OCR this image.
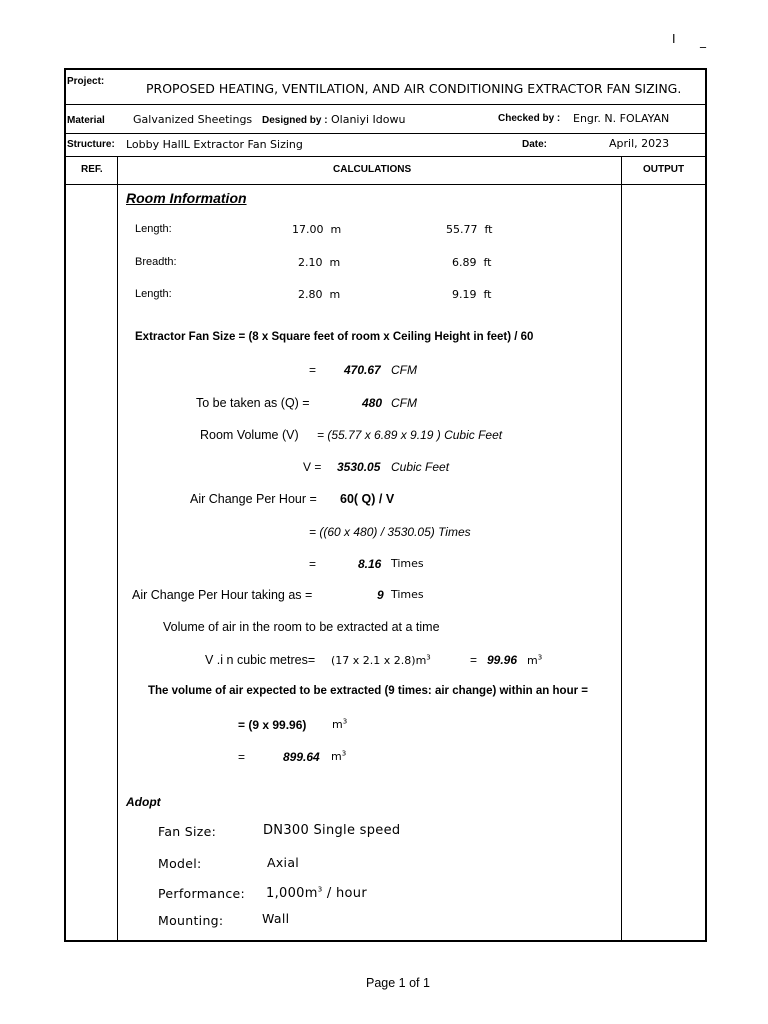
I _
Project:	PROPOSED HEATING, VENTILATION, AND AIR CONDITIONING EXTRACTOR FAN SIZING.
Material	Galvanized Sheetings Designed by : Olaniyi Idowu	Checked by : Engr. N. FOLAYAN
Structure: Lobby HallL Extractor Fan Sizing	Date:	April, 2023
REF.	CALCULATIONS	OUTPUT
Room Information
Length:	17.00 m	55.77 ft
Breadth:	2.10 m	6.89 ft
Length:	2.80 m	9.19 ft
Extractor Fan Size = (8 x Square feet of room x Ceiling Height in feet) / 60
= 470.67 CFM
To be taken as (Q) =	480 CFM
Room Volume (V) = (55.77 x 6.89 x 9.19 ) Cubic Feet
V = 3530.05 Cubic Feet
Air Change Per Hour = 60( Q) / V
= ((60 x 480) / 3530.05) Times
=	8.16 Times
Air Change Per Hour taking as =	9 Times
Volume of air in the room to be extracted at a time
V .i n cubic metres= (17 x 2.1 x $2.8)m^3$	= 99.96 $m^3$
The volume of air expected to be extracted (9 times: air change) within an hour =
= (9 x 99.96) $m^3$
=	899.64 $m^3$
Adopt
Fan Size:	DN300 Single speed
Model:	Axial
Performance: $1,000m^3$ / hour
Mounting:	Wall
Page 1 of 1
